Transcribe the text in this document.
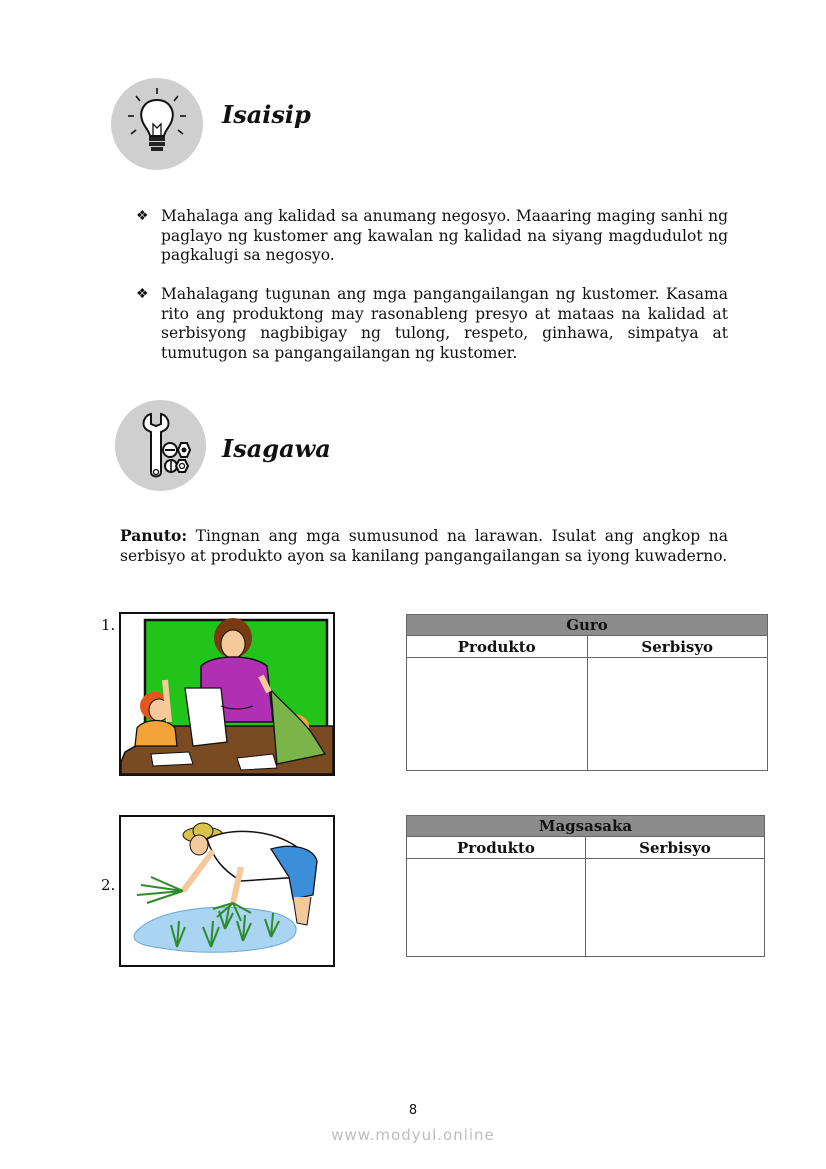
Isaisip
❖ Mahalaga ang kalidad sa anumang negosyo. Maaaring maging sanhi ng paglayo ng kustomer ang kawalan ng kalidad na siyang magdudulot ng pagkalugi sa negosyo.
❖ Mahalagang tugunan ang mga pangangailangan ng kustomer. Kasama rito ang produktong may rasonableng presyo at mataas na kalidad at serbisyong nagbibigay ng tulong, respeto, ginhawa, simpatya at tumutugon sa pangangailangan ng kustomer.
Isagawa
Panuto: Tingnan ang mga sumusunod na larawan. Isulat ang angkop na serbisyo at produkto ayon sa kanilang pangangailangan sa iyong kuwaderno.
1.	Guro	
Produkto	Serbisyo

2.
Magsasaka	
Produkto	Serbisyo

8
www.modyul.online
